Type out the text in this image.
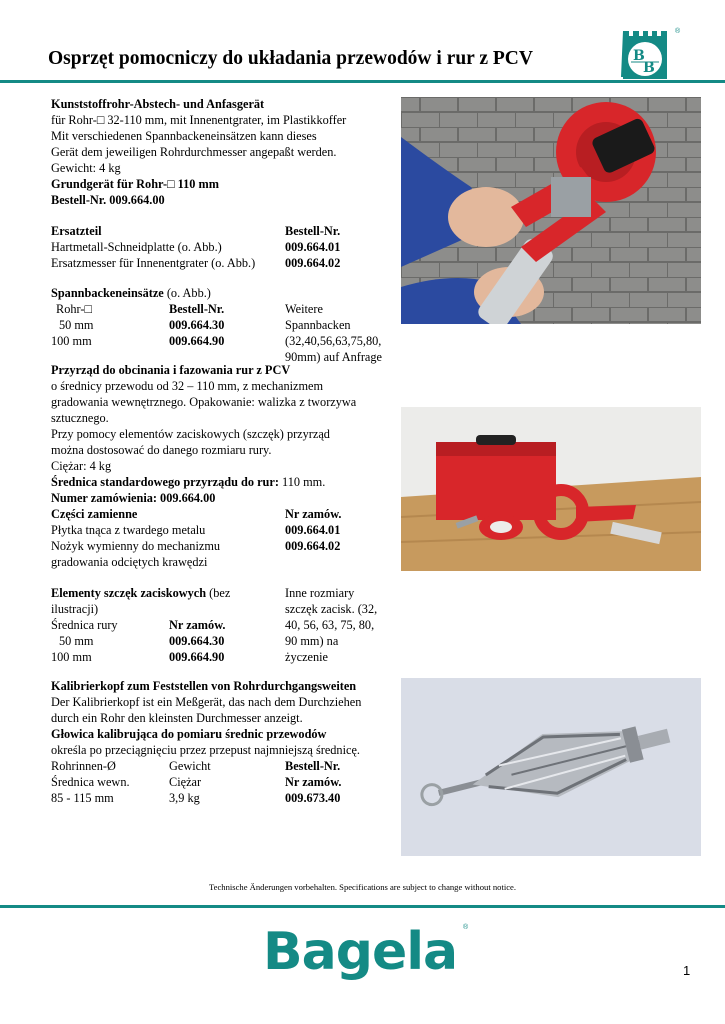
Osprzęt pomocniczy do układania przewodów i rur z PCV	B
B
®
Kunststoffrohr-Abstech- und Anfasgerät
für Rohr-□ 32-110 mm, mit Innenentgrater, im Plastikkoffer
Mit verschiedenen Spannbackeneinsätzen kann dieses
Gerät dem jeweiligen Rohrdurchmesser angepaßt werden.
Gewicht: 4 kg
Grundgerät für Rohr-□ 110 mm
Bestell-Nr. 009.664.00
Ersatzteil	Bestell-Nr.
Hartmetall-Schneidplatte (o. Abb.)	009.664.01
Ersatzmesser für Innenentgrater (o. Abb.) 009.664.02
Spannbackeneinsätze (o. Abb.)
Rohr-□	Bestell-Nr.
50 mm	009.664.30
100 mm	009.664.90
Weitere
Spannbacken
(32,40,56,63,75,80,
90mm) auf Anfrage
Przyrząd do obcinania i fazowania rur z PCV
o średnicy przewodu od 32 – 110 mm, z mechanizmem
gradowania wewnętrznego. Opakowanie: walizka z tworzywa
sztucznego.
Przy pomocy elementów zaciskowych (szczęk) przyrząd
można dostosować do danego rozmiaru rury.
Ciężar: 4 kg
Średnica standardowego przyrządu do rur: 110 mm.
Numer zamówienia: 009.664.00
Części zamienne	Nr zamów.
Płytka tnąca z twardego metalu	009.664.01
Nożyk wymienny do mechanizmu	009.664.02
gradowania odciętych krawędzi
Elementy szczęk zaciskowych (bez
ilustracji)
Średnica rury	Nr zamów.
50 mm	009.664.30
100 mm	009.664.90
Inne rozmiary
szczęk zacisk. (32,
40, 56, 63, 75, 80,
90 mm) na
życzenie
Kalibrierkopf zum Feststellen von Rohrdurchgangsweiten
Der Kalibrierkopf ist ein Meßgerät, das nach dem Durchziehen
durch ein Rohr den kleinsten Durchmesser anzeigt.
Głowica kalibrująca do pomiaru średnic przewodów
określa po przeciągnięciu przez przepust najmniejszą średnicę.
Rohrinnen-Ø	Gewicht	Bestell-Nr.
Średnica wewn.	Ciężar	Nr zamów.
85 - 115 mm	3,9 kg	009.673.40
Technische Änderungen vorbehalten. Specifications are subject to change without notice.
Bagela ®
1
